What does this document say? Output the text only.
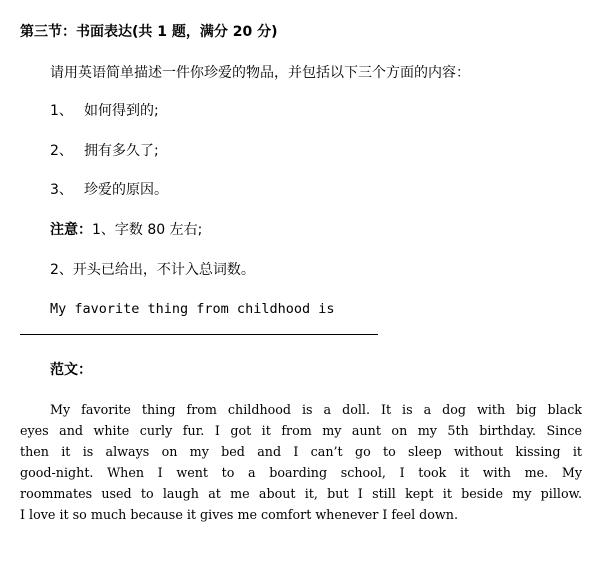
第三节：书面表达(共 1 题，满分 20 分)
请用英语简单描述一件你珍爱的物品，并包括以下三个方面的内容：
1、 如何得到的;
2、 拥有多久了;
3、 珍爱的原因。
注意：1、字数 80 左右;
2、开头已给出，不计入总词数。
My favorite thing from childhood is
范文：
My favorite thing from childhood is a doll. It is a dog with big black
eyes and white curly fur. I got it from my aunt on my 5th birthday. Since
then it is always on my bed and I can’t go to sleep without kissing it
good-night. When I went to a boarding school, I took it with me. My
roommates used to laugh at me about it, but I still kept it beside my pillow.
I love it so much because it gives me comfort whenever I feel down.
